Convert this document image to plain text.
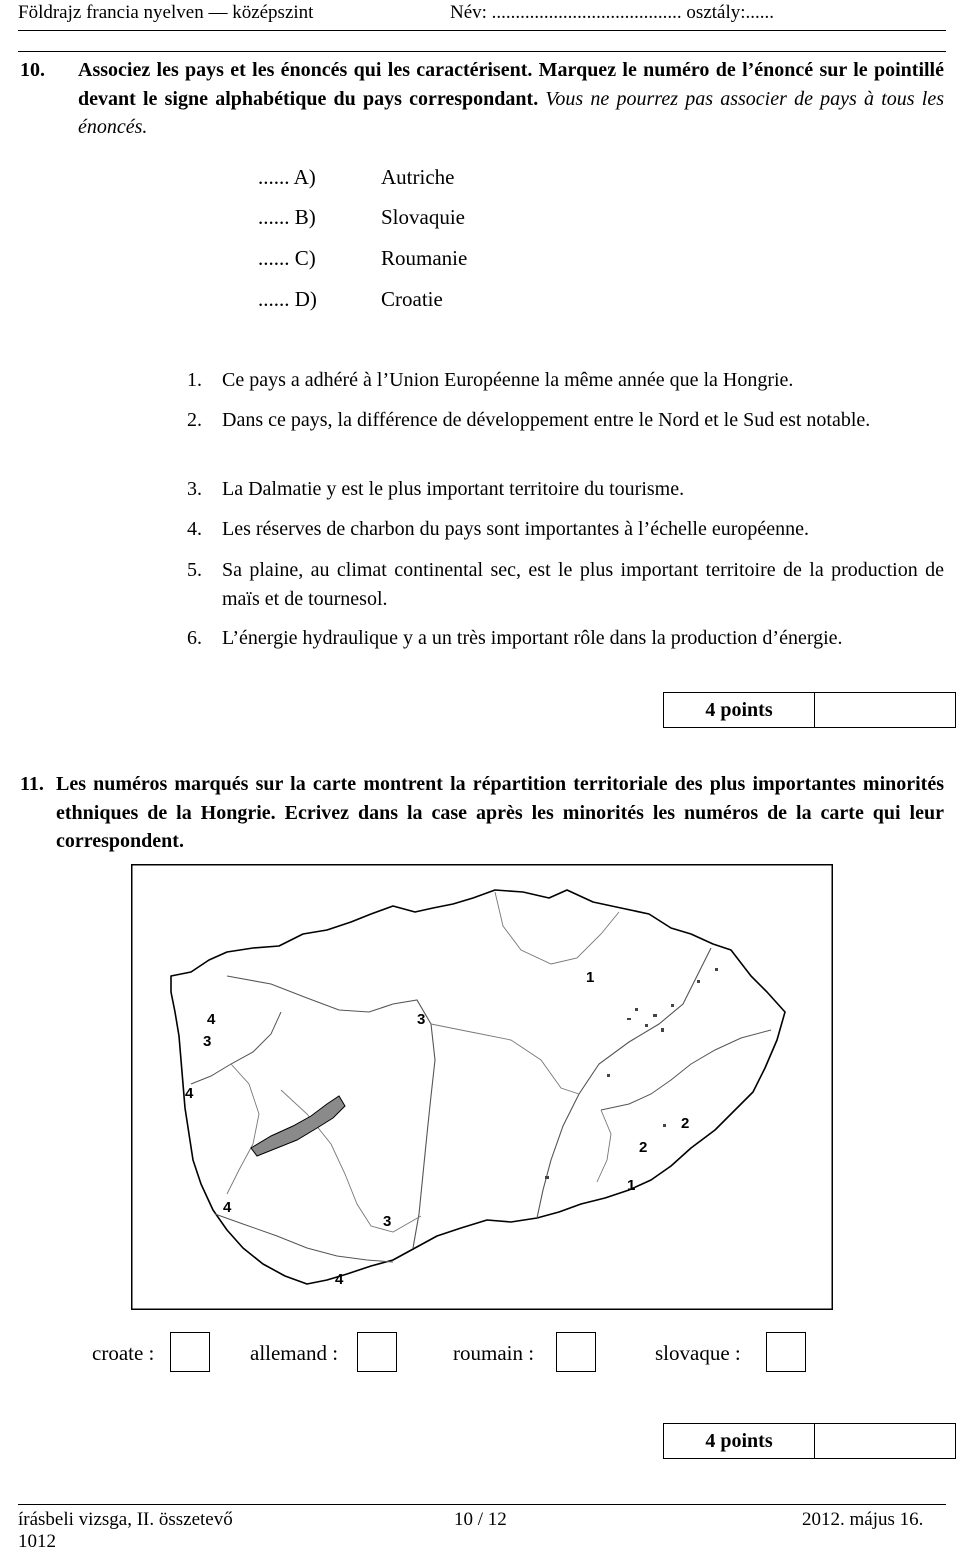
Földrajz francia nyelven — középszint	Név: ........................................ osztály:......
10. Associez les pays et les énoncés qui les caractérisent. Marquez le numéro de l’énoncé sur le pointillé devant le signe alphabétique du pays correspondant. Vous ne pourrez pas associer de pays à tous les énoncés.
...... A)	Autriche
...... B)	Slovaquie
...... C)	Roumanie
...... D)	Croatie
1. Ce pays a adhéré à l’Union Européenne la même année que la Hongrie.
2. Dans ce pays, la différence de développement entre le Nord et le Sud est notable.
3. La Dalmatie y est le plus important territoire du tourisme.
4. Les réserves de charbon du pays sont importantes à l’échelle européenne.
5. Sa plaine, au climat continental sec, est le plus important territoire de la production de maïs et de tournesol.
6. L’énergie hydraulique y a un très important rôle dans la production d’énergie.
4 points
11. Les numéros marqués sur la carte montrent la répartition territoriale des plus importantes minorités ethniques de la Hongrie. Ecrivez dans la case après les minorités les numéros de la carte qui leur correspondent.
1
4
3
3
4
2
2
1
4
3
4
croate :	allemand :	roumain :	slovaque :
4 points
írásbeli vizsga, II. összetevő
1012
10 / 12	2012. május 16.
